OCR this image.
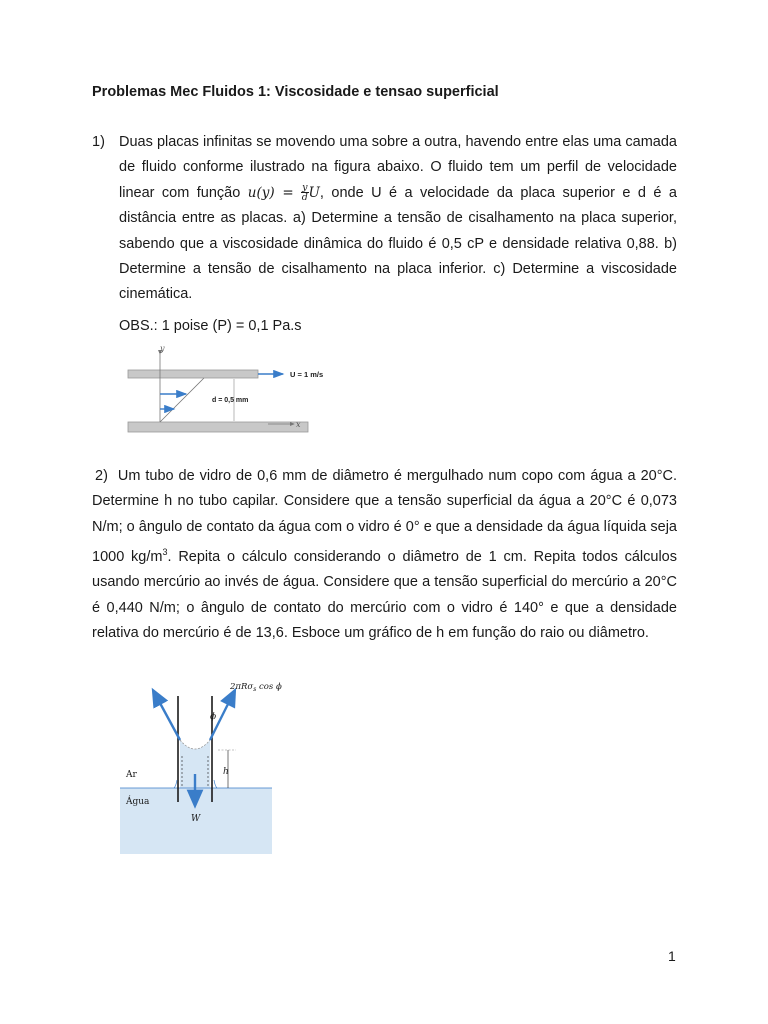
Problemas Mec Fluidos 1: Viscosidade e tensao superficial
1) Duas placas infinitas se movendo uma sobre a outra, havendo entre elas uma camada de fluido conforme ilustrado na figura abaixo. O fluido tem um perfil de velocidade linear com função $u(y) = \frac{y}{d} U$, onde U é a velocidade da placa superior e d é a distância entre as placas. a) Determine a tensão de cisalhamento na placa superior, sabendo que a viscosidade dinâmica do fluido é 0,5 cP e densidade relativa 0,88. b) Determine a tensão de cisalhamento na placa inferior. c) Determine a viscosidade cinemática.
OBS.: 1 poise (P) = 0,1 Pa.s
y
x
U = 1 m/s
d = 0,5 mm
2) Um tubo de vidro de 0,6 mm de diâmetro é mergulhado num copo com água a 20°C. Determine h no tubo capilar. Considere que a tensão superficial da água a 20°C é 0,073 N/m; o ângulo de contato da água com o vidro é 0° e que a densidade da água líquida seja 1000 $kg/m^3$. Repita o cálculo considerando o diâmetro de 1 cm. Repita todos cálculos usando mercúrio ao invés de água. Considere que a tensão superficial do mercúrio a 20°C é 0,440 N/m; o ângulo de contato do mercúrio com o vidro é 140° e que a densidade relativa do mercúrio é de 13,6. Esboce um gráfico de h em função do raio ou diâmetro.
ϕ
2πRσ$_s$ cos ϕ
W
h
Ar
Água
1
